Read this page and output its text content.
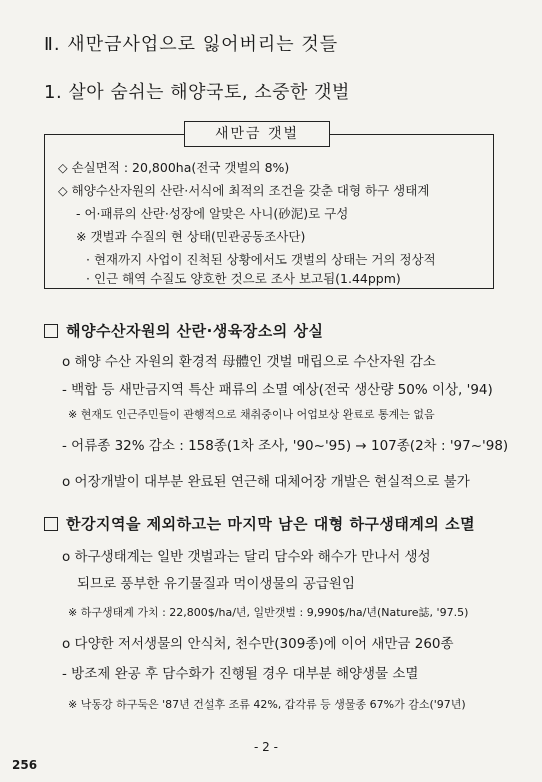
Ⅱ. 새만금사업으로 잃어버리는 것들
1. 살아 숨쉬는 해양국토, 소중한 갯벌
새만금 갯벌
◇ 손실면적 : 20,800ha(전국 갯벌의 8%)
◇ 해양수산자원의 산란·서식에 최적의 조건을 갖춘 대형 하구 생태계
- 어·패류의 산란·성장에 알맞은 사니(砂泥)로 구성
※ 갯벌과 수질의 현 상태(민관공동조사단)
· 현재까지 사업이 진척된 상황에서도 갯벌의 상태는 거의 정상적
· 인근 해역 수질도 양호한 것으로 조사 보고됨(1.44ppm)
해양수산자원의 산란·생육장소의 상실
o 해양 수산 자원의 환경적 母體인 갯벌 매립으로 수산자원 감소
- 백합 등 새만금지역 특산 패류의 소멸 예상(전국 생산량 50% 이상, '94)
※ 현재도 인근주민들이 관행적으로 채취중이나 어업보상 완료로 통계는 없음
- 어류종 32% 감소 : 158종(1차 조사, '90~'95) → 107종(2차 : '97~'98)
o 어장개발이 대부분 완료된 연근해 대체어장 개발은 현실적으로 불가
한강지역을 제외하고는 마지막 남은 대형 하구생태계의 소멸
o 하구생태계는 일반 갯벌과는 달리 담수와 해수가 만나서 생성
되므로 풍부한 유기물질과 먹이생물의 공급원임
※ 하구생태계 가치 : 22,800$/ha/년, 일반갯벌 : 9,990$/ha/년(Nature誌, '97.5)
o 다양한 저서생물의 안식처, 천수만(309종)에 이어 새만금 260종
- 방조제 완공 후 담수화가 진행될 경우 대부분 해양생물 소멸
※ 낙동강 하구둑은 '87년 건설후 조류 42%, 갑각류 등 생물종 67%가 감소('97년)
- 2 -
256
